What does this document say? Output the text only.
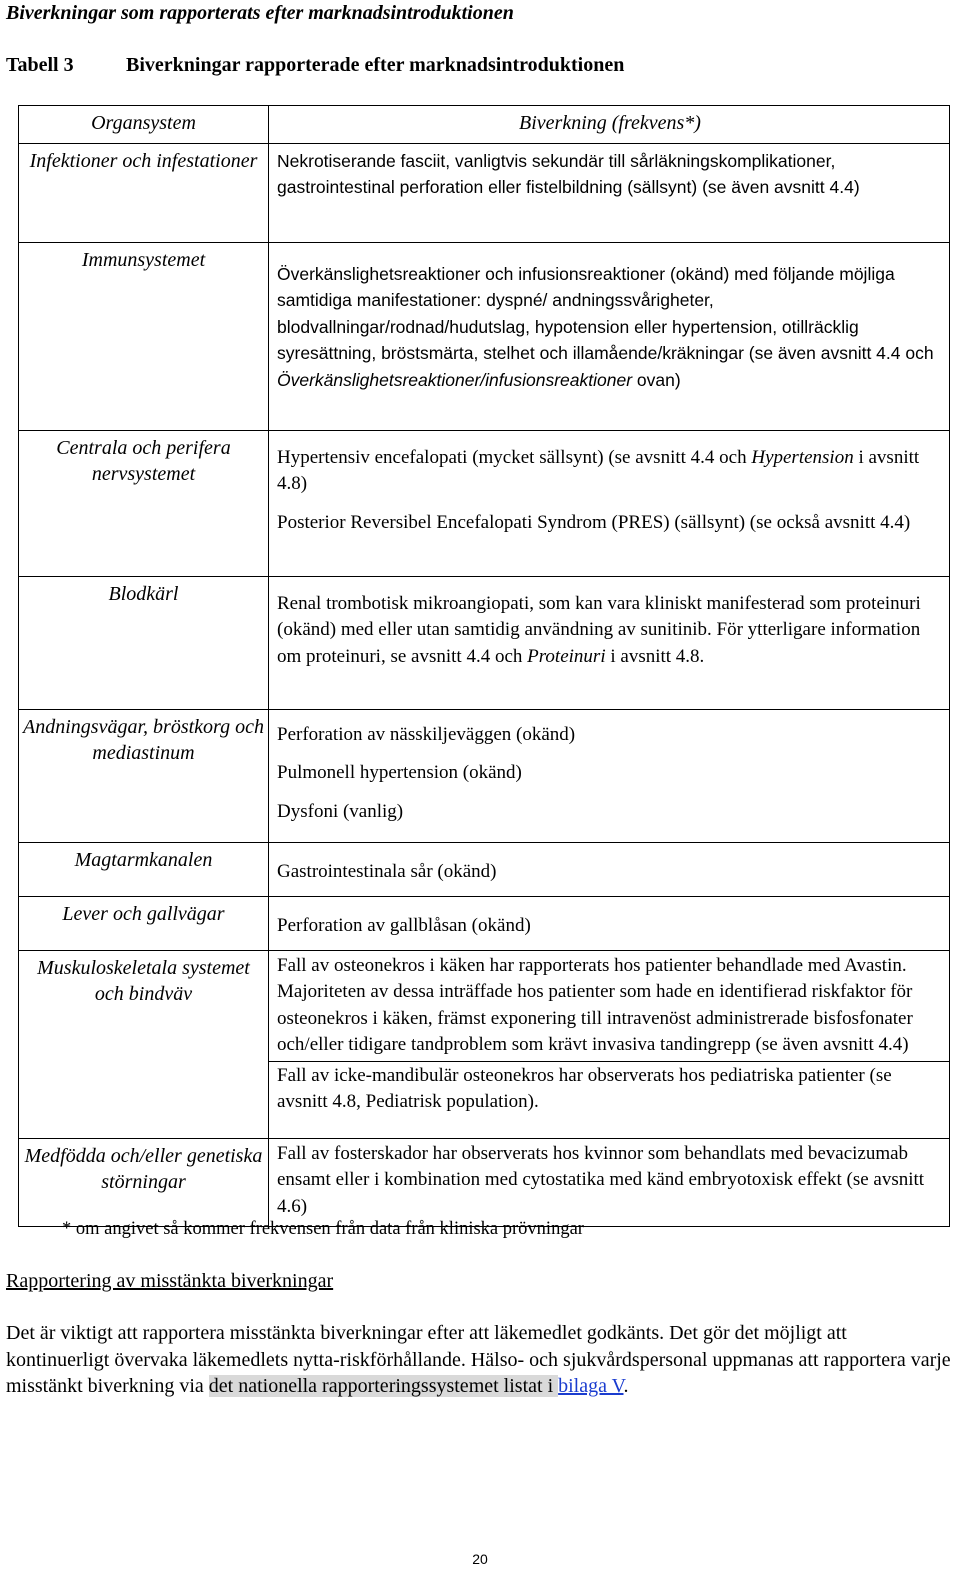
Biverkningar som rapporterats efter marknadsintroduktionen
Tabell 3	Biverkningar rapporterade efter marknadsintroduktionen
Organsystem	Biverkning (frekvens*)
Infektioner och infestationer	Nekrotiserande fasciit, vanligtvis sekundär till sårläkningskomplikationer, gastrointestinal perforation eller fistelbildning (sällsynt) (se även avsnitt 4.4)

Immunsystemet	Överkänslighetsreaktioner och infusionsreaktioner (okänd) med följande möjliga samtidiga manifestationer: dyspné/ andningssvårigheter, blodvallningar/rodnad/hudutslag, hypotension eller hypertension, otillräcklig syresättning, bröstsmärta, stelhet och illamående/kräkningar (se även avsnitt 4.4 och Överkänslighetsreaktioner/infusionsreaktioner ovan)

Centrala och perifera nervsystemet	Hypertensiv encefalopati (mycket sällsynt) (se avsnitt 4.4 och Hypertension i avsnitt 4.8)

Posterior Reversibel Encefalopati Syndrom (PRES) (sällsynt) (se också avsnitt 4.4)

Blodkärl	Renal trombotisk mikroangiopati, som kan vara kliniskt manifesterad som proteinuri (okänd) med eller utan samtidig användning av sunitinib. För ytterligare information om proteinuri, se avsnitt 4.4 och Proteinuri i avsnitt 4.8.

Andningsvägar, bröstkorg och mediastinum	Perforation av nässkiljeväggen (okänd)

Pulmonell hypertension (okänd)

Dysfoni (vanlig)

Magtarmkanalen	Gastrointestinala sår (okänd)

Lever och gallvägar	Perforation av gallblåsan (okänd)

Muskuloskeletala systemet och bindväv	Fall av osteonekros i käken har rapporterats hos patienter behandlade med Avastin. Majoriteten av dessa inträffade hos patienter som hade en identifierad riskfaktor för osteonekros i käken, främst exponering till intravenöst administrerade bisfosfonater och/eller tidigare tandproblem som krävt invasiva tandingrepp (se även avsnitt 4.4)

Fall av icke-mandibulär osteonekros har observerats hos pediatriska patienter (se avsnitt 4.8, Pediatrisk population).

Medfödda och/eller genetiska störningar	Fall av fosterskador har observerats hos kvinnor som behandlats med bevacizumab ensamt eller i kombination med cytostatika med känd embryotoxisk effekt (se avsnitt 4.6)

* om angivet så kommer frekvensen från data från kliniska prövningar
Rapportering av misstänkta biverkningar
Det är viktigt att rapportera misstänkta biverkningar efter att läkemedlet godkänts. Det gör det möjligt att kontinuerligt övervaka läkemedlets nytta-riskförhållande. Hälso- och sjukvårdspersonal uppmanas att rapportera varje misstänkt biverkning via det nationella rapporteringssystemet listat i bilaga V.
20
